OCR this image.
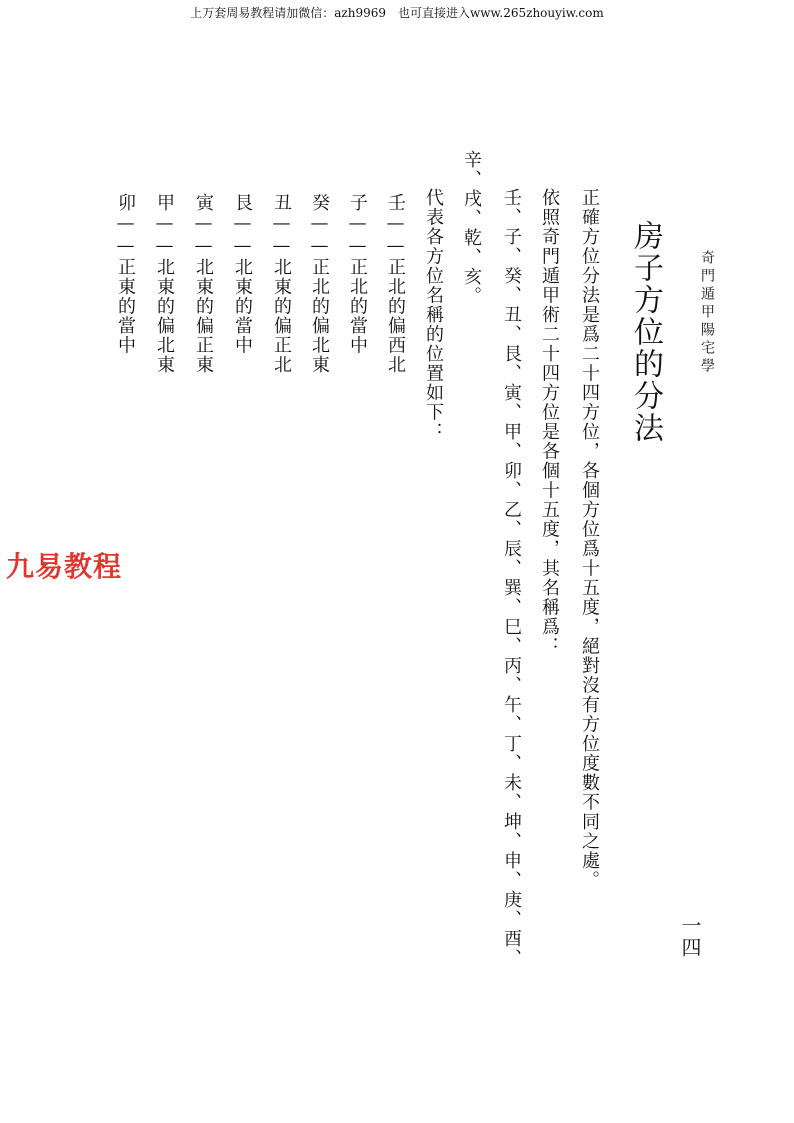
上万套周易教程请加微信：azh9969　也可直接进入www.265zhouyiw.com
奇門遁甲陽宅學
房子方位的分法
一四
正確方位分法是爲二十四方位，各個方位爲十五度，絕對沒有方位度數不同之處。
依照奇門遁甲術二十四方位是各個十五度，其名稱爲：
壬、子、癸、丑、艮、寅、甲、卯、乙、辰、巽、巳、丙、午、丁、未、坤、申、庚、酉、
辛、戌、乾、亥。
代表各方位名稱的位置如下：
壬——正北的偏西北
子——正北的當中
癸——正北的偏北東
丑——北東的偏正北
艮——北東的當中
寅——北東的偏正東
甲——北東的偏北東
卯——正東的當中
九易教程
